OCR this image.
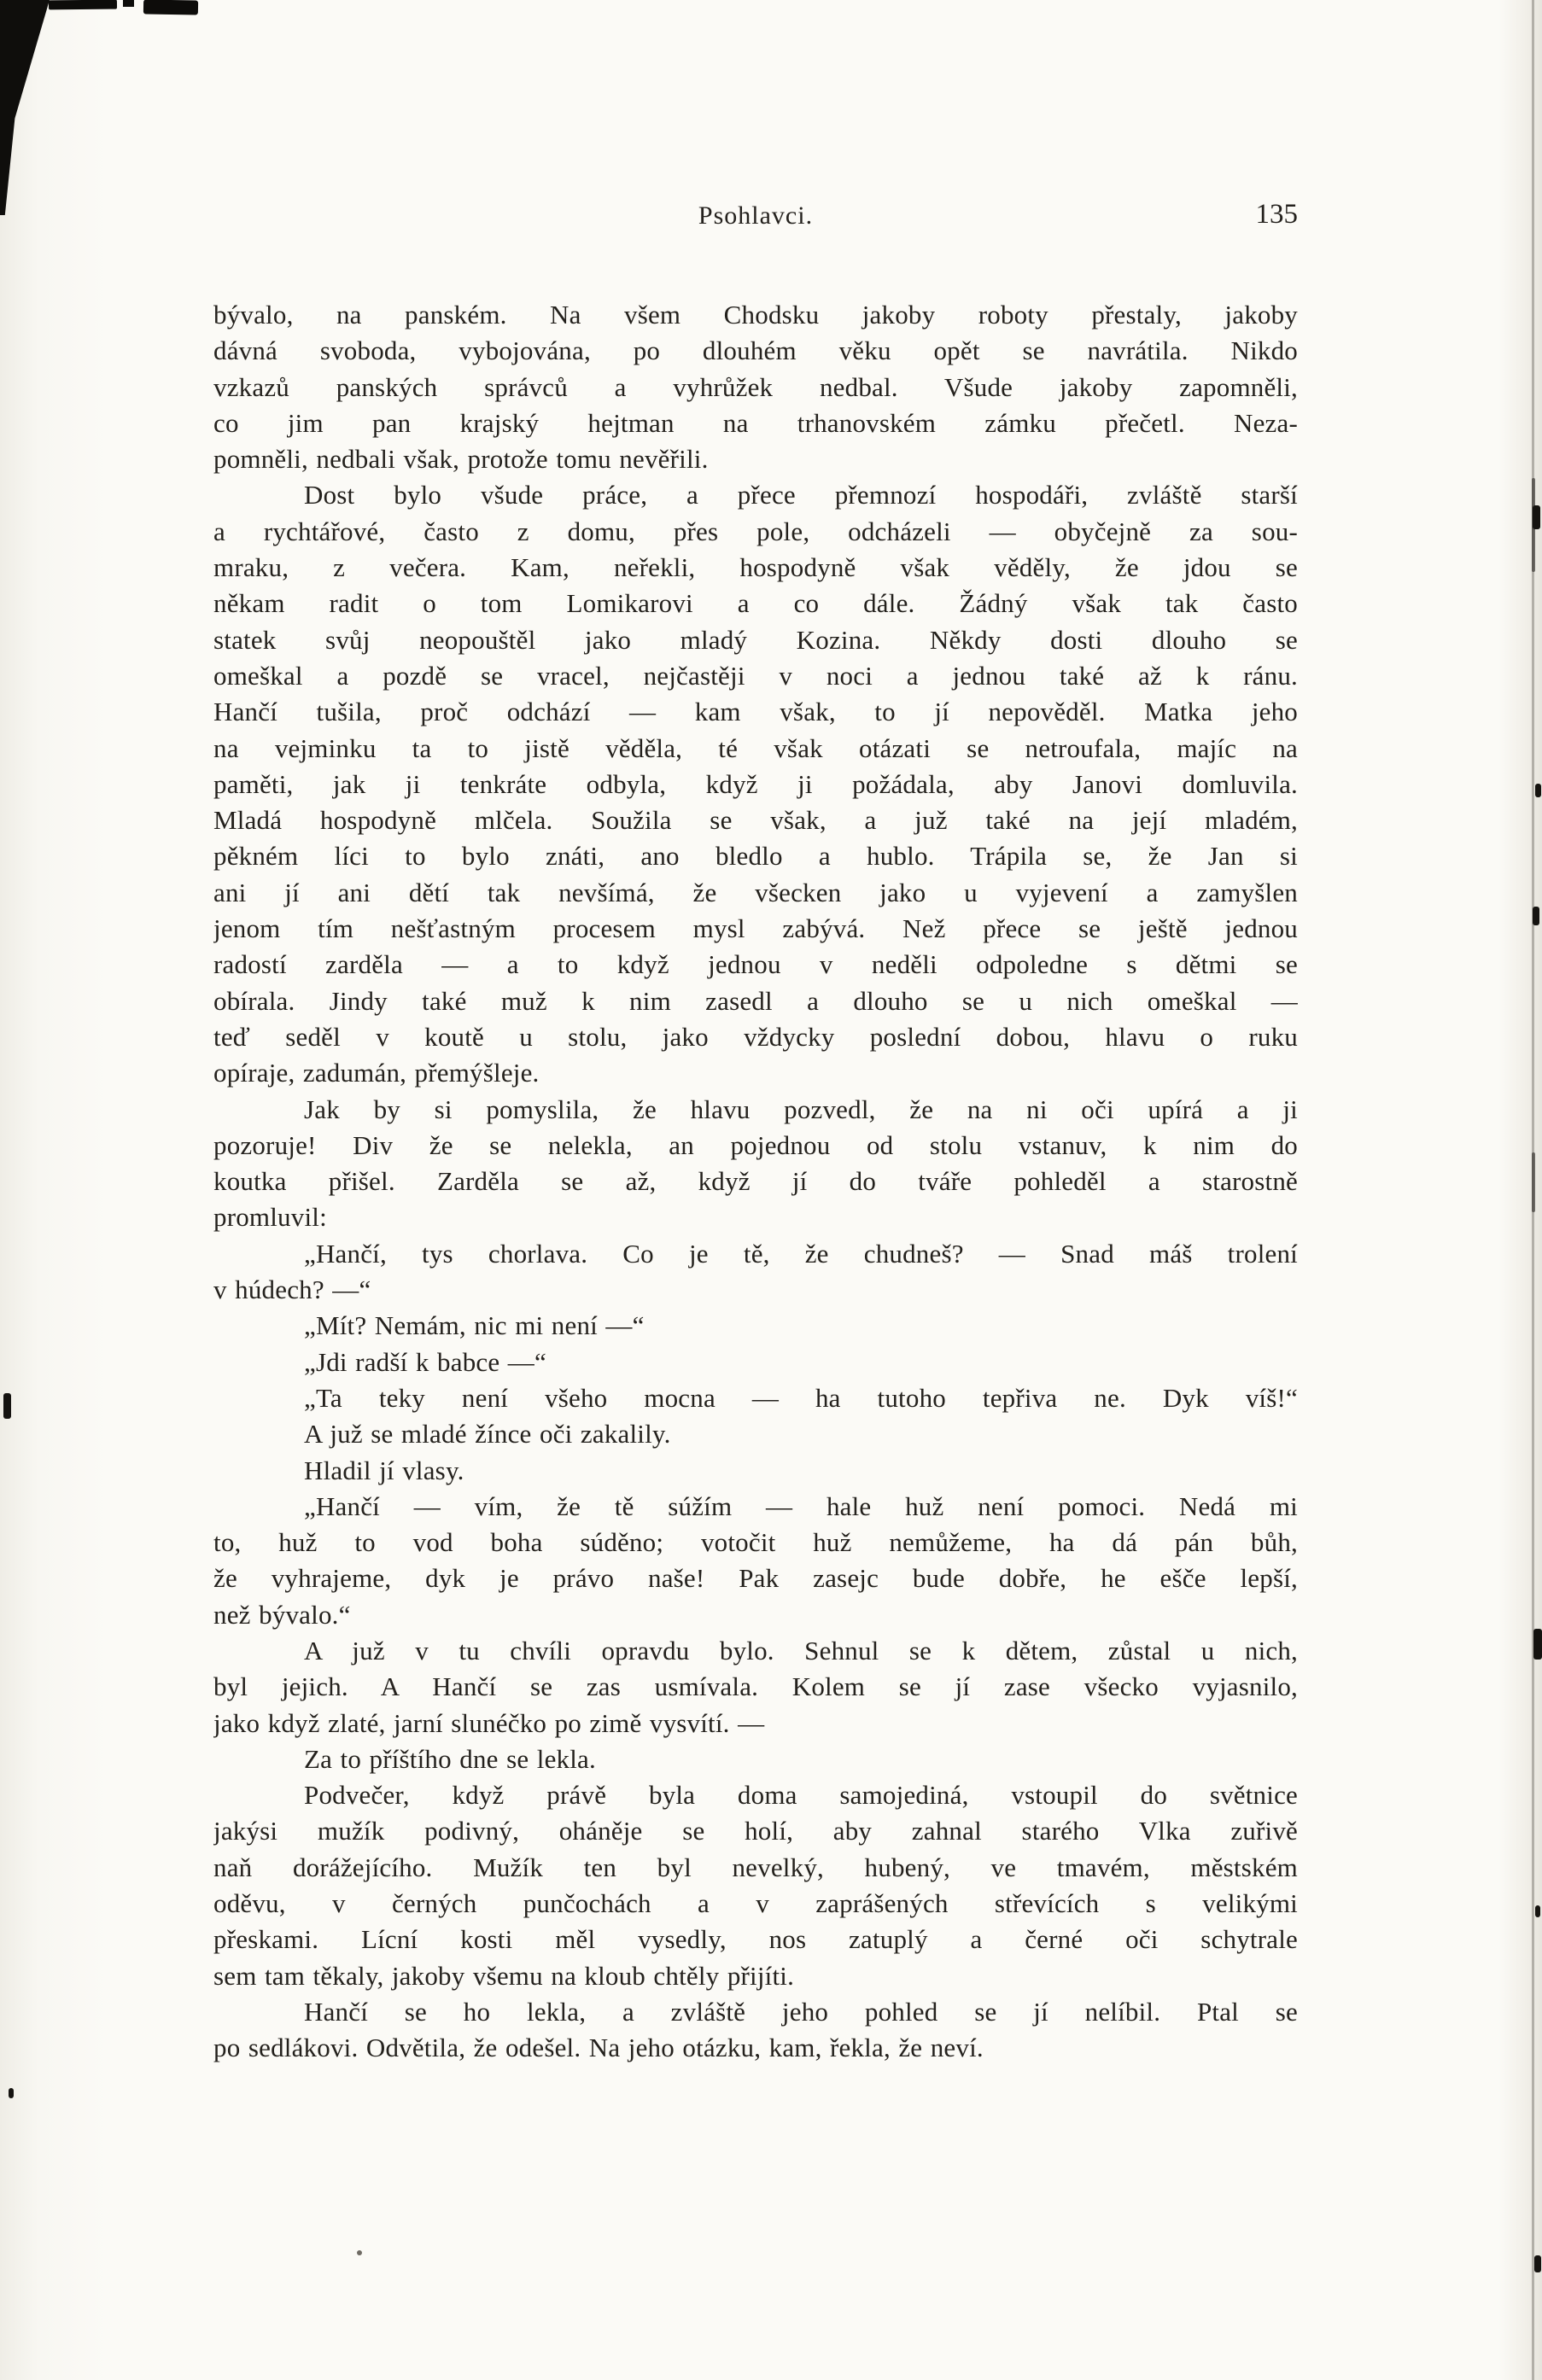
Psohlavci.	135
bývalo, na panském. Na všem Chodsku jakoby roboty přestaly, jakoby
dávná svoboda, vybojována, po dlouhém věku opět se navrátila. Nikdo
vzkazů panských správců a vyhrůžek nedbal. Všude jakoby zapomněli,
co jim pan krajský hejtman na trhanovském zámku přečetl. Neza-
pomněli, nedbali však, protože tomu nevěřili.
Dost bylo všude práce, a přece přemnozí hospodáři, zvláště starší
a rychtářové, často z domu, přes pole, odcházeli — obyčejně za sou-
mraku, z večera. Kam, neřekli, hospodyně však věděly, že jdou se
někam radit o tom Lomikarovi a co dále. Žádný však tak často
statek svůj neopouštěl jako mladý Kozina. Někdy dosti dlouho se
omeškal a pozdě se vracel, nejčastěji v noci a jednou také až k ránu.
Hančí tušila, proč odchází — kam však, to jí nepověděl. Matka jeho
na vejminku ta to jistě věděla, té však otázati se netroufala, majíc na
paměti, jak ji tenkráte odbyla, když ji požádala, aby Janovi domluvila.
Mladá hospodyně mlčela. Soužila se však, a juž také na její mladém,
pěkném líci to bylo znáti, ano bledlo a hublo. Trápila se, že Jan si
ani jí ani dětí tak nevšímá, že všecken jako u vyjevení a zamyšlen
jenom tím nešťastným procesem mysl zabývá. Než přece se ještě jednou
radostí zarděla — a to když jednou v neděli odpoledne s dětmi se
obírala. Jindy také muž k nim zasedl a dlouho se u nich omeškal —
teď seděl v koutě u stolu, jako vždycky poslední dobou, hlavu o ruku
opíraje, zadumán, přemýšleje.
Jak by si pomyslila, že hlavu pozvedl, že na ni oči upírá a ji
pozoruje! Div že se nelekla, an pojednou od stolu vstanuv, k nim do
koutka přišel. Zarděla se až, když jí do tváře pohleděl a starostně
promluvil:
„Hančí, tys chorlava. Co je tě, že chudneš? — Snad máš trolení
v húdech? —“
„Mít? Nemám, nic mi není —“
„Jdi radší k babce —“
„Ta teky není všeho mocna — ha tutoho tepřiva ne. Dyk víš!“
A juž se mladé žínce oči zakalily.
Hladil jí vlasy.
„Hančí — vím, že tě súžím — hale huž není pomoci. Nedá mi
to, huž to vod boha súděno; votočit huž nemůžeme, ha dá pán bůh,
že vyhrajeme, dyk je právo naše! Pak zasejc bude dobře, he ešče lepší,
než bývalo.“
A juž v tu chvíli opravdu bylo. Sehnul se k dětem, zůstal u nich,
byl jejich. A Hančí se zas usmívala. Kolem se jí zase všecko vyjasnilo,
jako když zlaté, jarní slunéčko po zimě vysvítí. —
Za to příštího dne se lekla.
Podvečer, když právě byla doma samojediná, vstoupil do světnice
jakýsi mužík podivný, oháněje se holí, aby zahnal starého Vlka zuřivě
naň dorážejícího. Mužík ten byl nevelký, hubený, ve tmavém, městském
oděvu, v černých punčochách a v zaprášených střevících s velikými
přeskami. Lícní kosti měl vysedly, nos zatuplý a černé oči schytrale
sem tam těkaly, jakoby všemu na kloub chtěly přijíti.
Hančí se ho lekla, a zvláště jeho pohled se jí nelíbil. Ptal se
po sedlákovi. Odvětila, že odešel. Na jeho otázku, kam, řekla, že neví.
